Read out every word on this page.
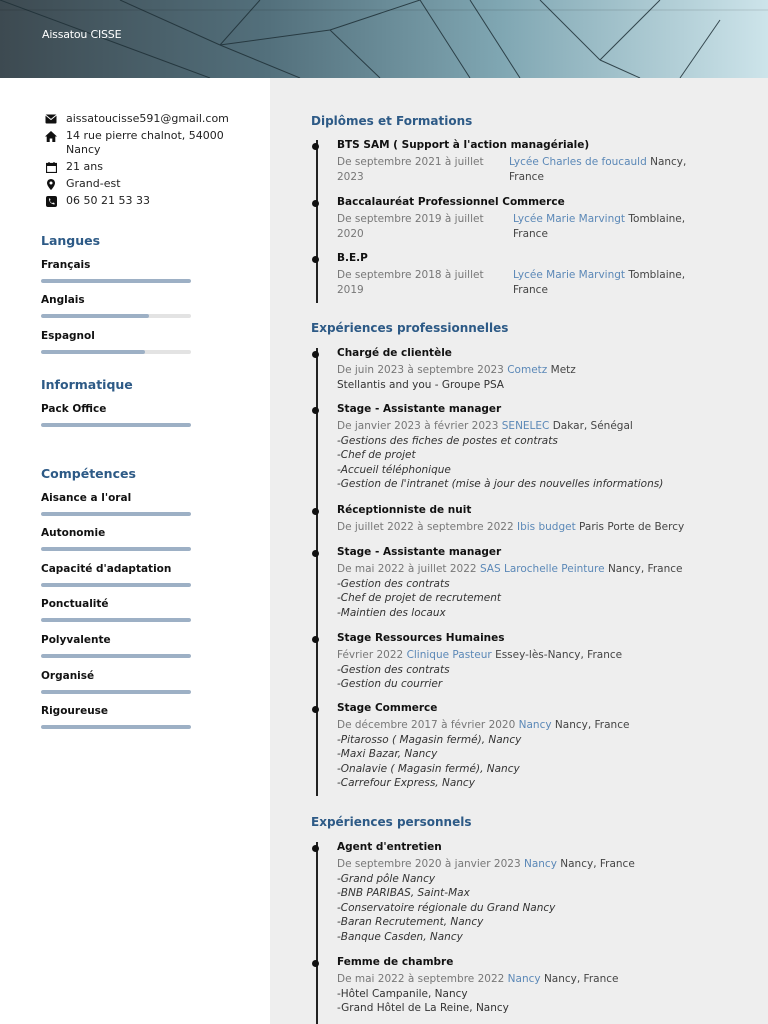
Aissatou CISSE
aissatoucisse591@gmail.com
14 rue pierre chalnot, 54000 Nancy
21 ans
Grand-est
06 50 21 53 33
Langues
Français
Anglais
Espagnol
Informatique
Pack Office
Compétences
Aisance a l'oral
Autonomie
Capacité d'adaptation
Ponctualité
Polyvalente
Organisé
Rigoureuse
Diplômes et Formations
BTS SAM ( Support à l'action managériale)
De septembre 2021 à juillet 2023
Lycée Charles de foucauld Nancy, France
Baccalauréat Professionnel Commerce
De septembre 2019 à juillet 2020
Lycée Marie Marvingt Tomblaine, France
B.E.P
De septembre 2018 à juillet 2019
Lycée Marie Marvingt Tomblaine, France
Expériences professionnelles
Chargé de clientèle
De juin 2023 à septembre 2023 Cometz Metz
Stellantis and you - Groupe PSA
Stage - Assistante manager
De janvier 2023 à février 2023 SENELEC Dakar, Sénégal
-Gestions des fiches de postes et contrats
-Chef de projet
-Accueil téléphonique
-Gestion de l'intranet (mise à jour des nouvelles informations)
Réceptionniste de nuit
De juillet 2022 à septembre 2022 Ibis budget Paris Porte de Bercy
Stage - Assistante manager
De mai 2022 à juillet 2022 SAS Larochelle Peinture Nancy, France
-Gestion des contrats
-Chef de projet de recrutement
-Maintien des locaux
Stage Ressources Humaines
Février 2022 Clinique Pasteur Essey-lès-Nancy, France
-Gestion des contrats
-Gestion du courrier
Stage Commerce
De décembre 2017 à février 2020 Nancy Nancy, France
-Pitarosso ( Magasin fermé), Nancy
-Maxi Bazar, Nancy
-Onalavie ( Magasin fermé), Nancy
-Carrefour Express, Nancy
Expériences personnels
Agent d'entretien
De septembre 2020 à janvier 2023 Nancy Nancy, France
-Grand pôle Nancy
-BNB PARIBAS, Saint-Max
-Conservatoire régionale du Grand Nancy
-Baran Recrutement, Nancy
-Banque Casden, Nancy
Femme de chambre
De mai 2022 à septembre 2022 Nancy Nancy, France
-Hôtel Campanile, Nancy
-Grand Hôtel de La Reine, Nancy
